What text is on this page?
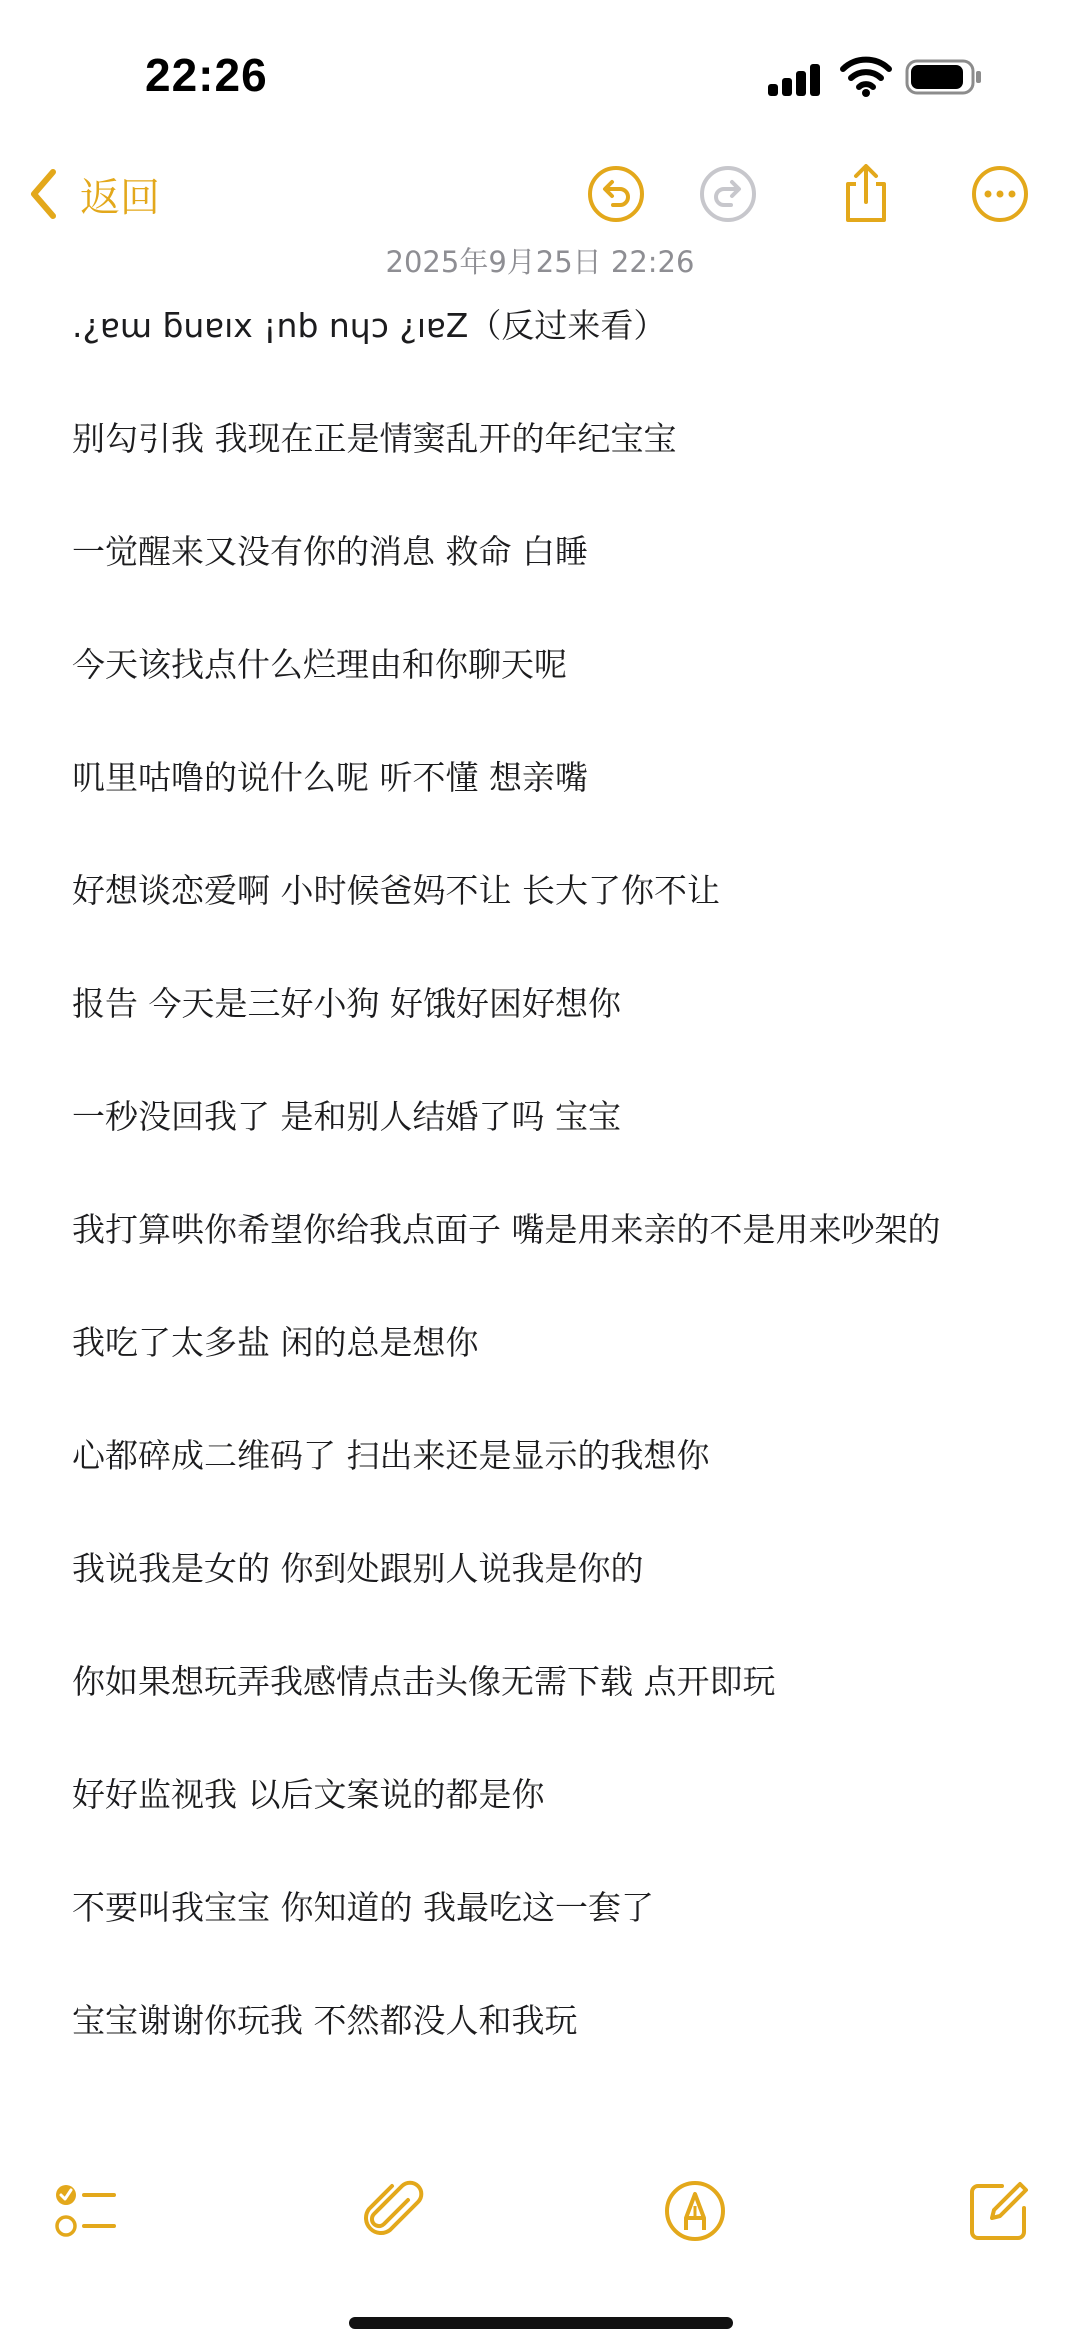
22:26
返回
2025年9月25日 22:26
.¿ɐɯ ƃuɐıx ¡nb nɥɔ ¿ıɐZ（反过来看）
别勾引我 我现在正是情窦乱开的年纪宝宝
一觉醒来又没有你的消息 救命 白睡
今天该找点什么烂理由和你聊天呢
叽里咕噜的说什么呢 听不懂 想亲嘴
好想谈恋爱啊 小时候爸妈不让 长大了你不让
报告 今天是三好小狗 好饿好困好想你
一秒没回我了 是和别人结婚了吗 宝宝
我打算哄你希望你给我点面子 嘴是用来亲的不是用来吵架的
我吃了太多盐 闲的总是想你
心都碎成二维码了 扫出来还是显示的我想你
我说我是女的 你到处跟别人说我是你的
你如果想玩弄我感情点击头像无需下载 点开即玩
好好监视我 以后文案说的都是你
不要叫我宝宝 你知道的 我最吃这一套了
宝宝谢谢你玩我 不然都没人和我玩
